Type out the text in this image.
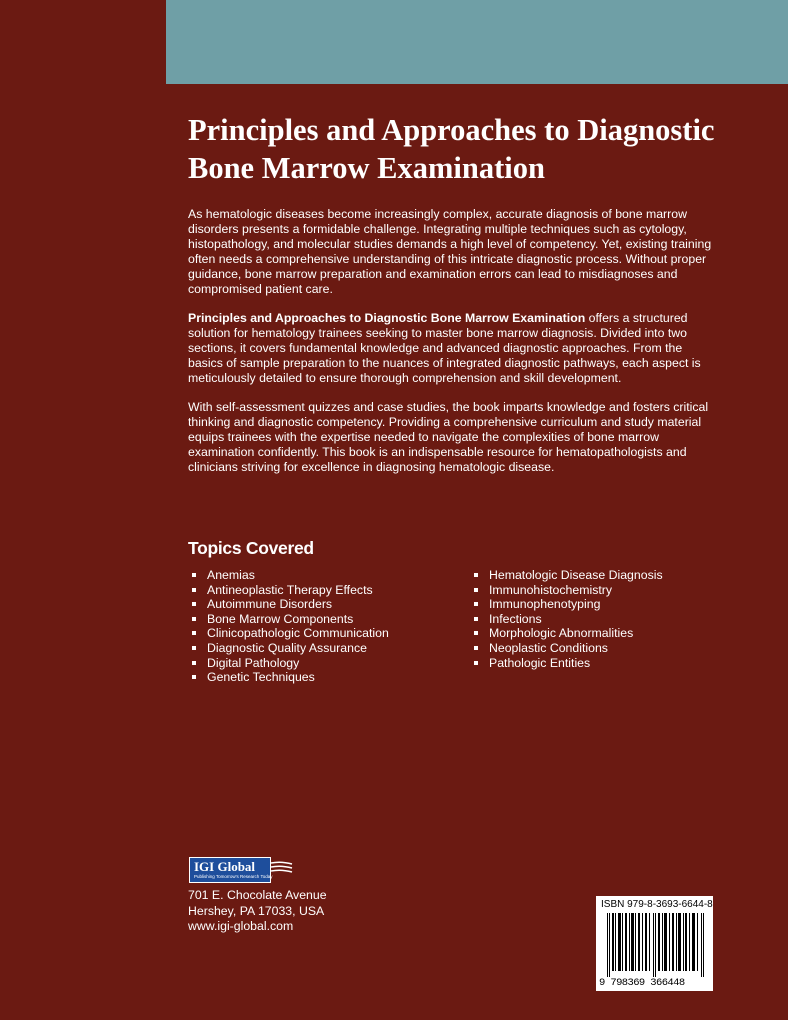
Principles and Approaches to Diagnostic Bone Marrow Examination

As hematologic diseases become increasingly complex, accurate diagnosis of bone marrow disorders presents a formidable challenge. Integrating multiple techniques such as cytology, histopathology, and molecular studies demands a high level of competency. Yet, existing training often needs a comprehensive understanding of this intricate diagnostic process. Without proper guidance, bone marrow preparation and examination errors can lead to misdiagnoses and compromised patient care.

Principles and Approaches to Diagnostic Bone Marrow Examination offers a structured solution for hematology trainees seeking to master bone marrow diagnosis. Divided into two sections, it covers fundamental knowledge and advanced diagnostic approaches. From the basics of sample preparation to the nuances of integrated diagnostic pathways, each aspect is meticulously detailed to ensure thorough comprehension and skill development.

With self-assessment quizzes and case studies, the book imparts knowledge and fosters critical thinking and diagnostic competency. Providing a comprehensive curriculum and study material equips trainees with the expertise needed to navigate the complexities of bone marrow examination confidently. This book is an indispensable resource for hematopathologists and clinicians striving for excellence in diagnosing hematologic disease.

Topics Covered
Anemias
Antineoplastic Therapy Effects
Autoimmune Disorders
Bone Marrow Components
Clinicopathologic Communication
Diagnostic Quality Assurance
Digital Pathology
Genetic Techniques
Hematologic Disease Diagnosis
Immunohistochemistry
Immunophenotyping
Infections
Morphologic Abnormalities
Neoplastic Conditions
Pathologic Entities
IGI Global
Publishing Tomorrow's Research Today
701 E. Chocolate Avenue
Hershey, PA 17033, USA
www.igi-global.com
ISBN 979-8-3693-6644-8
9 798369 366448
